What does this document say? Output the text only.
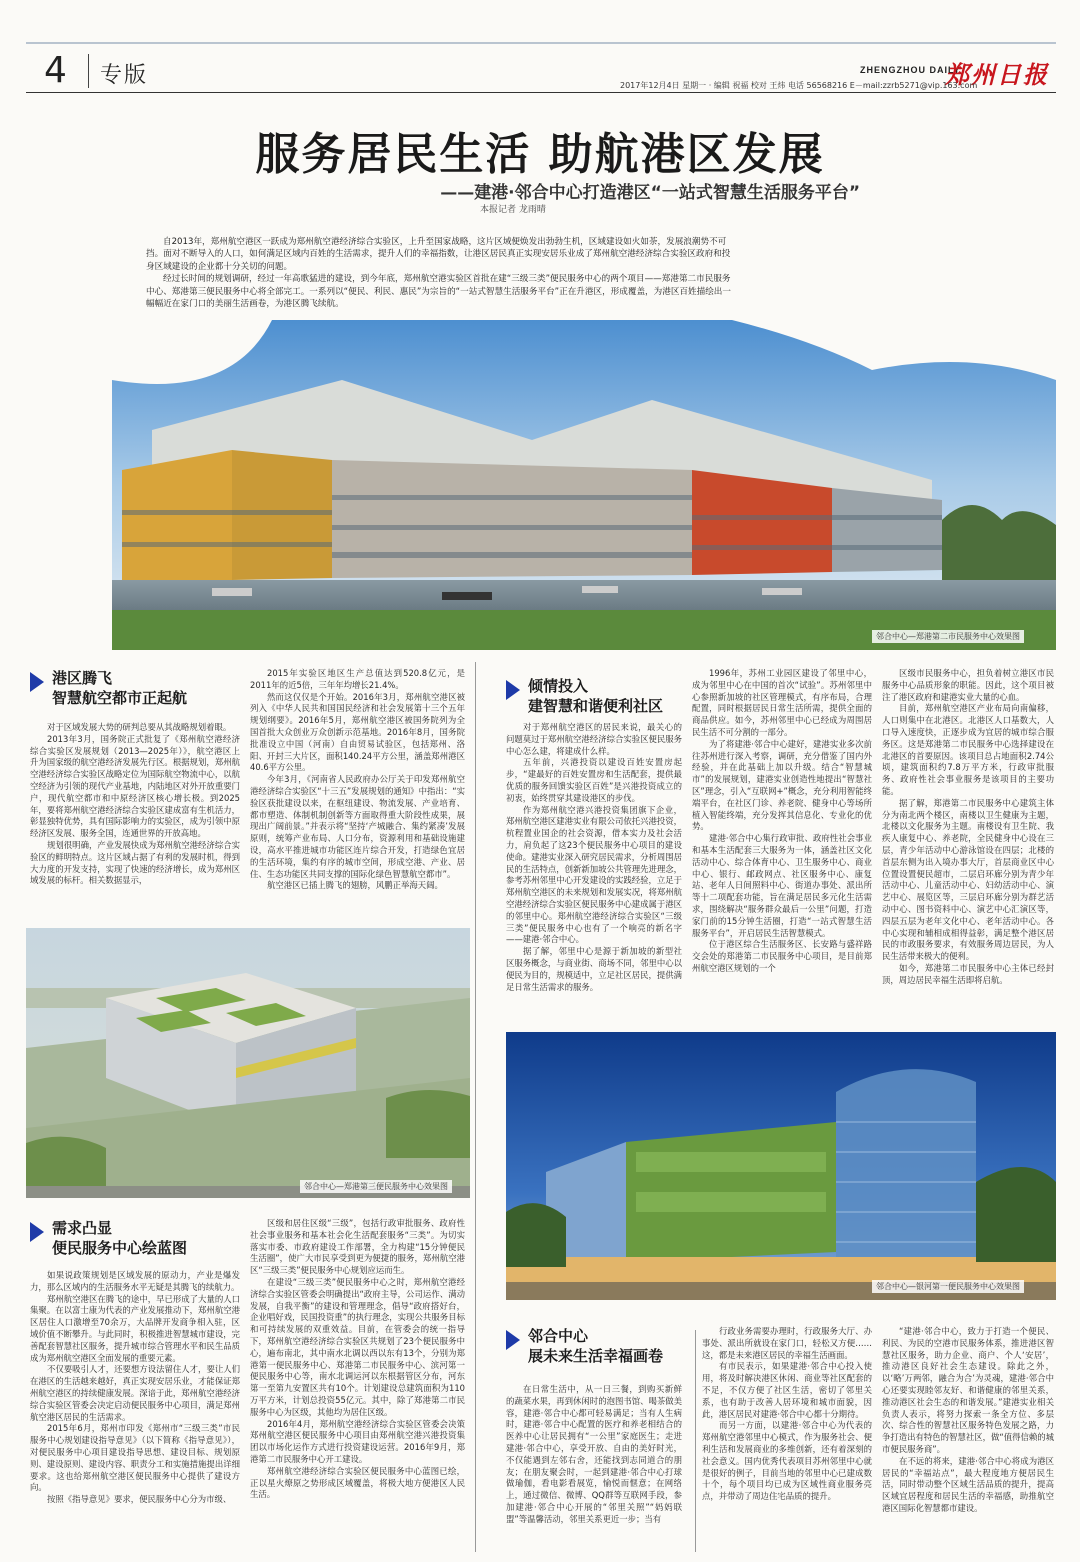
4 专版	ZHENGZHOU DAILY
郑州日报
2017年12月4日 星期一 · 编辑 祝福 校对 王炜 电话 56568216 E－mail:zzrb5271@vip.163.com
服务居民生活 助航港区发展
——建港·邻合中心打造港区“一站式智慧生活服务平台”
本报记者 龙雨晴

自2013年，郑州航空港区一跃成为郑州航空港经济综合实验区，上升至国家战略，这片区域便焕发出勃勃生机，区域建设如火如荼，发展浪潮势不可挡。面对不断导入的人口，如何满足区域内百姓的生活需求，提升人们的幸福指数，让港区居民真正实现安居乐业成了郑州航空港经济综合实验区政府和投身区域建设的企业都十分关切的问题。

经过长时间的规划调研，经过一年高歌猛进的建设，到今年底，郑州航空港实验区首批在建“三级三类”便民服务中心的两个项目——郑港第二市民服务中心、郑港第三便民服务中心将全部完工。一系列以“便民、利民、惠民”为宗旨的“一站式智慧生活服务平台”正在升港区，形成覆盖，为港区百姓描绘出一幅幅近在家门口的美丽生活画卷，为港区腾飞续航。

邻合中心—郑港第二市民服务中心效果图
港区腾飞
智慧航空都市正起航

对于区域发展大势的研判总要从其战略规划着眼。

2013年3月，国务院正式批复了《郑州航空港经济综合实验区发展规划（2013—2025年）》，航空港区上升为国家级的航空港经济发展先行区。根据规划，郑州航空港经济综合实验区战略定位为国际航空物流中心，以航空经济为引领的现代产业基地，内陆地区对外开放重要门户，现代航空都市和中原经济区核心增长极。到2025年，要将郑州航空港经济综合实验区建成富有生机活力，彰显独特优势，具有国际影响力的实验区，成为引领中原经济区发展、服务全国，连通世界的开放高地。

规划很明确，产业发展快成为郑州航空港经济综合实验区的鲜明特点。这片区域占据了有利的发展时机，得到大力度的开发支持，实现了快速的经济增长，成为郑州区域发展的标杆。相关数据显示，

2015年实验区地区生产总值达到520.8亿元，是2011年的近5倍，三年年均增长21.4%。

然而这仅仅是个开始。2016年3月，郑州航空港区被列入《中华人民共和国国民经济和社会发展第十三个五年规划纲要》。2016年5月，郑州航空港区被国务院列为全国首批大众创业万众创新示范基地。2016年8月，国务院批准设立中国（河南）自由贸易试验区，包括郑州、洛阳、开封三大片区，面积140.24平方公里，涵盖郑州港区40.6平方公里。

今年3月，《河南省人民政府办公厅关于印发郑州航空港经济综合实验区“十三五”发展规划的通知》中指出：“实验区获批建设以来，在枢纽建设、物流发展、产业培育、都市塑造、体制机制创新等方面取得重大阶段性成果，展现出广阔前景。”并表示将“坚持‘产城融合、集约紧凑’发展原则，统筹产业布局、人口分布，资源利用和基础设施建设，高水平推进城市功能区连片综合开发，打造绿色宜居的生活环境，集约有序的城市空间，形成空港、产业、居住、生态功能区共同支撑的国际化绿色智慧航空都市”。

航空港区已插上腾飞的翅膀，风鹏正举海天阔。

邻合中心—郑港第三便民服务中心效果图
需求凸显
便民服务中心绘蓝图

如果说政策规划是区域发展的原动力，产业是爆发力，那么区域内的生活服务水平无疑是其腾飞的续航力。

郑州航空港区在腾飞的途中，早已形成了大量的人口集聚。在以富士康为代表的产业发展推动下，郑州航空港区居住人口激增至70余万，大品牌开发商争相入驻，区域价值不断攀升。与此同时，积极推进智慧城市建设，完善配套智慧社区服务，提升城市综合管理水平和民生品质成为郑州航空港区全面发展的重要元素。

不仅要吸引人才，还要想方设法留住人才，要让人们在港区的生活越来越好，真正实现安居乐业，才能保证郑州航空港区的持续健康发展。深谙于此，郑州航空港经济综合实验区管委会决定启动便民服务中心项目，满足郑州航空港区居民的生活需求。

2015年6月，郑州市印发《郑州市“三级三类”市民服务中心规划建设指导意见》（以下简称《指导意见》），对便民服务中心项目建设指导思想、建设目标、规划原则、建设原则、建设内容、职责分工和实施措施提出详细要求。这也给郑州航空港区便民服务中心提供了建设方向。

按照《指导意见》要求，便民服务中心分为市级、

区级和居住区级“三级”，包括行政审批服务、政府性社会事业服务和基本社会化生活配套服务“三类”。为切实落实市委、市政府建设工作部署，全力构建“15分钟便民生活圈”，使广大市民享受到更为便捷的服务，郑州航空港区“三级三类”便民服务中心规划应运而生。

在建设“三级三类”便民服务中心之时，郑州航空港经济综合实验区管委会明确提出“政府主导，公司运作、满动发展，自我平衡”的建设和管理理念，倡导“政府搭好台，企业唱好戏，民国投资重”的执行理念，实现公共服务目标和可持续发展的双重效益。目前，在管委会的统一指导下，郑州航空港经济综合实验区共规划了23个便民服务中心，遍布南北，其中南水北调以西以东有13个，分别为郑港第一便民服务中心、郑港第二市民服务中心、滨河第一便民服务中心等，南水北调运河以东根据管区分布，河东第一至第九安置区共有10个。计划建设总建筑面积为110万平方米，计划总投资55亿元。其中，除了郑港第二市民服务中心为区级，其他均为居住区级。

2016年4月，郑州航空港经济综合实验区管委会决策郑州航空港区便民服务中心项目由郑州航空港兴港投资集团以市场化运作方式进行投资建设运营。2016年9月，郑港第二市民服务中心开工建设。

郑州航空港经济综合实验区便民服务中心蓝图已绘，正以星火燎原之势形成区域覆盖，将极大地方便港区人民生活。

倾情投入
建智慧和谐便利社区

对于郑州航空港区的居民来说，最关心的问题莫过于郑州航空港经济综合实验区便民服务中心怎么建，将建成什么样。

五年前，兴港投资以建设百姓安置房起步，“建最好的百姓安置房和生活配套，提供最优质的服务回馈实验区百姓”是兴港投资成立的初衷，始终贯穿其建设港区的步伐。

作为郑州航空港兴港投资集团旗下企业，郑州航空港区建港实业有限公司依托兴港投资，杭程置业国企的社会资源，借本实力及社会活力，肩负起了这23个便民服务中心项目的建设使命。建港实业深入研究居民需求，分析周围居民的生活特点，创新新加坡公共管理先进理念，参考苏州邻里中心开发建设的实践经验，立足于郑州航空港区的未来规划和发展实况，将郑州航空港经济综合实验区便民服务中心建成属于港区的邻里中心。郑州航空港经济综合实验区“三级三类”便民服务中心也有了一个响亮的新名字——建港·邻合中心。

据了解，邻里中心是源于新加坡的新型社区服务概念，与商业街、商场不同，邻里中心以便民为目的，规模适中，立足社区居民，提供满足日常生活需求的服务。

1996年，苏州工业园区建设了邻里中心，成为邻里中心在中国的首次“试验”。苏州邻里中心参照新加坡的社区管理模式，有序布局，合理配置，同时根据居民日常生活所需，提供全面的商品供应。如今，苏州邻里中心已经成为周围居民生活不可分割的一部分。

为了将建港·邻合中心建好，建港实业多次前往苏州进行深入考察，调研，充分借鉴了国内外经验，并在此基础上加以升级。结合“智慧城市”的发展规划，建港实业创造性地提出“智慧社区”理念，引入“互联网+”概念，充分利用智能终端平台，在社区门诊、养老院、健身中心等场所植入智能终端，充分发挥其信息化、专业化的优势。

建港·邻合中心集行政审批、政府性社会事业和基本生活配套三大服务为一体，涵盖社区文化活动中心、综合体育中心、卫生服务中心、商业中心、银行、邮政网点、社区服务中心、康复站、老年人日间照料中心、街道办事处、派出所等十二项配套功能，旨在满足居民多元化生活需求，围绕解决“服务群众最后一公里”问题，打造家门前的15分钟生活圈，打造“一站式智慧生活服务平台”，开启居民生活智慧模式。

位于港区综合生活服务区、长安路与盛祥路交会处的郑港第二市民服务中心项目，是目前郑州航空港区规划的一个

区级市民服务中心，担负着树立港区市民服务中心品质形象的职能。因此，这个项目被注了港区政府和建港实业大量的心血。

目前，郑州航空港区产业布局向南偏移，人口则集中在北港区。北港区人口基数大，人口导入速度快，正逐步成为宜居的城市综合服务区。这是郑港第二市民服务中心选择建设在北港区的首要原因。该项目总占地面积2.74公顷，建筑面积约7.8万平方米，行政审批服务、政府性社会事业服务是该项目的主要功能。

据了解，郑港第二市民服务中心建筑主体分为南北两个楼区，南楼以卫生健康为主题，北楼以文化服务为主题。南楼设有卫生院、我疾人康复中心、养老院，全民健身中心设在三层，青少年活动中心游泳馆设在四层；北楼的首层东侧为出入境办事大厅，首层商业区中心位置设置便民超市，二层启环廊分别为青少年活动中心、儿童活动中心、妇幼活动中心、演艺中心、展览区等，三层启环廊分别为群艺活动中心、图书资料中心、演艺中心汇演区等，四层五层为老年文化中心、老年活动中心。各中心实现和辅相成相得益彰，满足整个港区居民的市政服务要求，有效服务周边居民，为人民生活带来极大的便利。

如今，郑港第二市民服务中心主体已经封顶，周边居民幸福生活即将启航。

邻合中心—银河第一便民服务中心效果图
邻合中心
展未来生活幸福画卷

在日常生活中，从一日三餐，到购买新鲜的蔬菜水果，再到休闲时的泡图书馆、喝茶做美容，建港·邻合中心都可轻易满足；当有人生病时，建港·邻合中心配置的医疗和养老相结合的医养中心让居民拥有“一公里”家庭医生；走进建港·邻合中心，享受开放、自由的美好时光，不仅能遇到左邻右舍，还能找到志同道合的朋友；在朋友聚会时，一起到建港·邻合中心打球做瑜伽，看电影看展览，愉悦而惬意；在网络上，通过微信、微博、QQ群等互联网手段，参加建港·邻合中心开展的“邻里关照”“妈妈联盟”等温馨活动，邻里关系更近一步；当有

行政业务需要办理时，行政服务大厅、办事处、派出所就设在家门口，轻松又方便……这，都是未来港区居民的幸福生活画面。

有市民表示，如果建港·邻合中心投入使用，将及时解决港区休闲、商业等社区配套的不足，不仅方便了社区生活，密切了邻里关系，也有助于改善人居环境和城市面貌，因此，港区居民对建港·邻合中心都十分期待。

而另一方面，以建港·邻合中心为代表的郑州航空港邻里中心模式，作为服务社会、便利生活和发展商业的多维创新，还有着深刻的社会意义。国内优秀代表项目苏州邻里中心就是很好的例子，目前当地的邻里中心已建成数十个，每个项目均已成为区域性商业服务亮点，并带动了周边住宅品质的提升。

“建港·邻合中心，致力于打造一个便民、利民、为民的空港市民服务体系，推进港区智慧社区服务，助力企业、商户、个人‘安居’，推动港区良好社会生态建设。除此之外，以‘略’万两邻，融合为合’为灵魂，建港·邻合中心还要实现睦邻友好、和谐健康的邻里关系，推动港区社会生态的和谐发展。”建港实业相关负责人表示，将努力探索一条全方位、多层次、综合性的智慧社区服务特色发展之路，力争打造出有特色的智慧社区，做“值得信赖的城市便民服务商”。

在不远的将来，建港·邻合中心将成为港区居民的“幸福站点”，最大程度地方便居民生活，同时带动整个区域生活品质的提升，提高区域宜居程度和居民生活的幸福感，助推航空港区国际化智慧都市建设。
